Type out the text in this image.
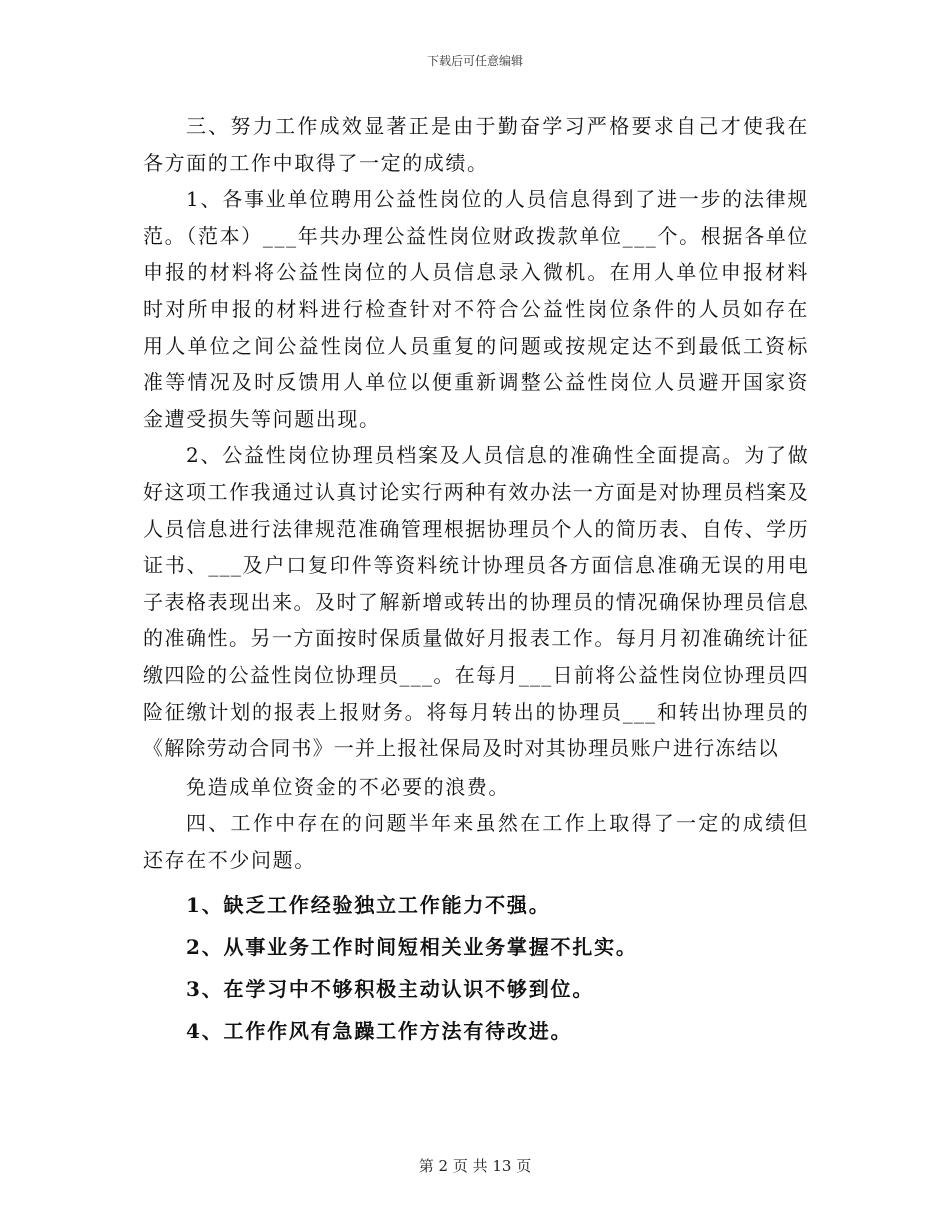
下载后可任意编辑

三、努力工作成效显著正是由于勤奋学习严格要求自己才使我在各方面的工作中取得了一定的成绩。

1、各事业单位聘用公益性岗位的人员信息得到了进一步的法律规范。（范本）___年共办理公益性岗位财政拨款单位___个。根据各单位申报的材料将公益性岗位的人员信息录入微机。在用人单位申报材料时对所申报的材料进行检查针对不符合公益性岗位条件的人员如存在用人单位之间公益性岗位人员重复的问题或按规定达不到最低工资标准等情况及时反馈用人单位以便重新调整公益性岗位人员避开国家资金遭受损失等问题出现。

2、公益性岗位协理员档案及人员信息的准确性全面提高。为了做好这项工作我通过认真讨论实行两种有效办法一方面是对协理员档案及人员信息进行法律规范准确管理根据协理员个人的简历表、自传、学历证书、___及户口复印件等资料统计协理员各方面信息准确无误的用电子表格表现出来。及时了解新增或转出的协理员的情况确保协理员信息的准确性。另一方面按时保质量做好月报表工作。每月月初准确统计征缴四险的公益性岗位协理员___。在每月___日前将公益性岗位协理员四险征缴计划的报表上报财务。将每月转出的协理员___和转出协理员的《解除劳动合同书》一并上报社保局及时对其协理员账户进行冻结以

免造成单位资金的不必要的浪费。

四、工作中存在的问题半年来虽然在工作上取得了一定的成绩但还存在不少问题。

1、缺乏工作经验独立工作能力不强。

2、从事业务工作时间短相关业务掌握不扎实。

3、在学习中不够积极主动认识不够到位。

4、工作作风有急躁工作方法有待改进。

第 2 页 共 13 页
